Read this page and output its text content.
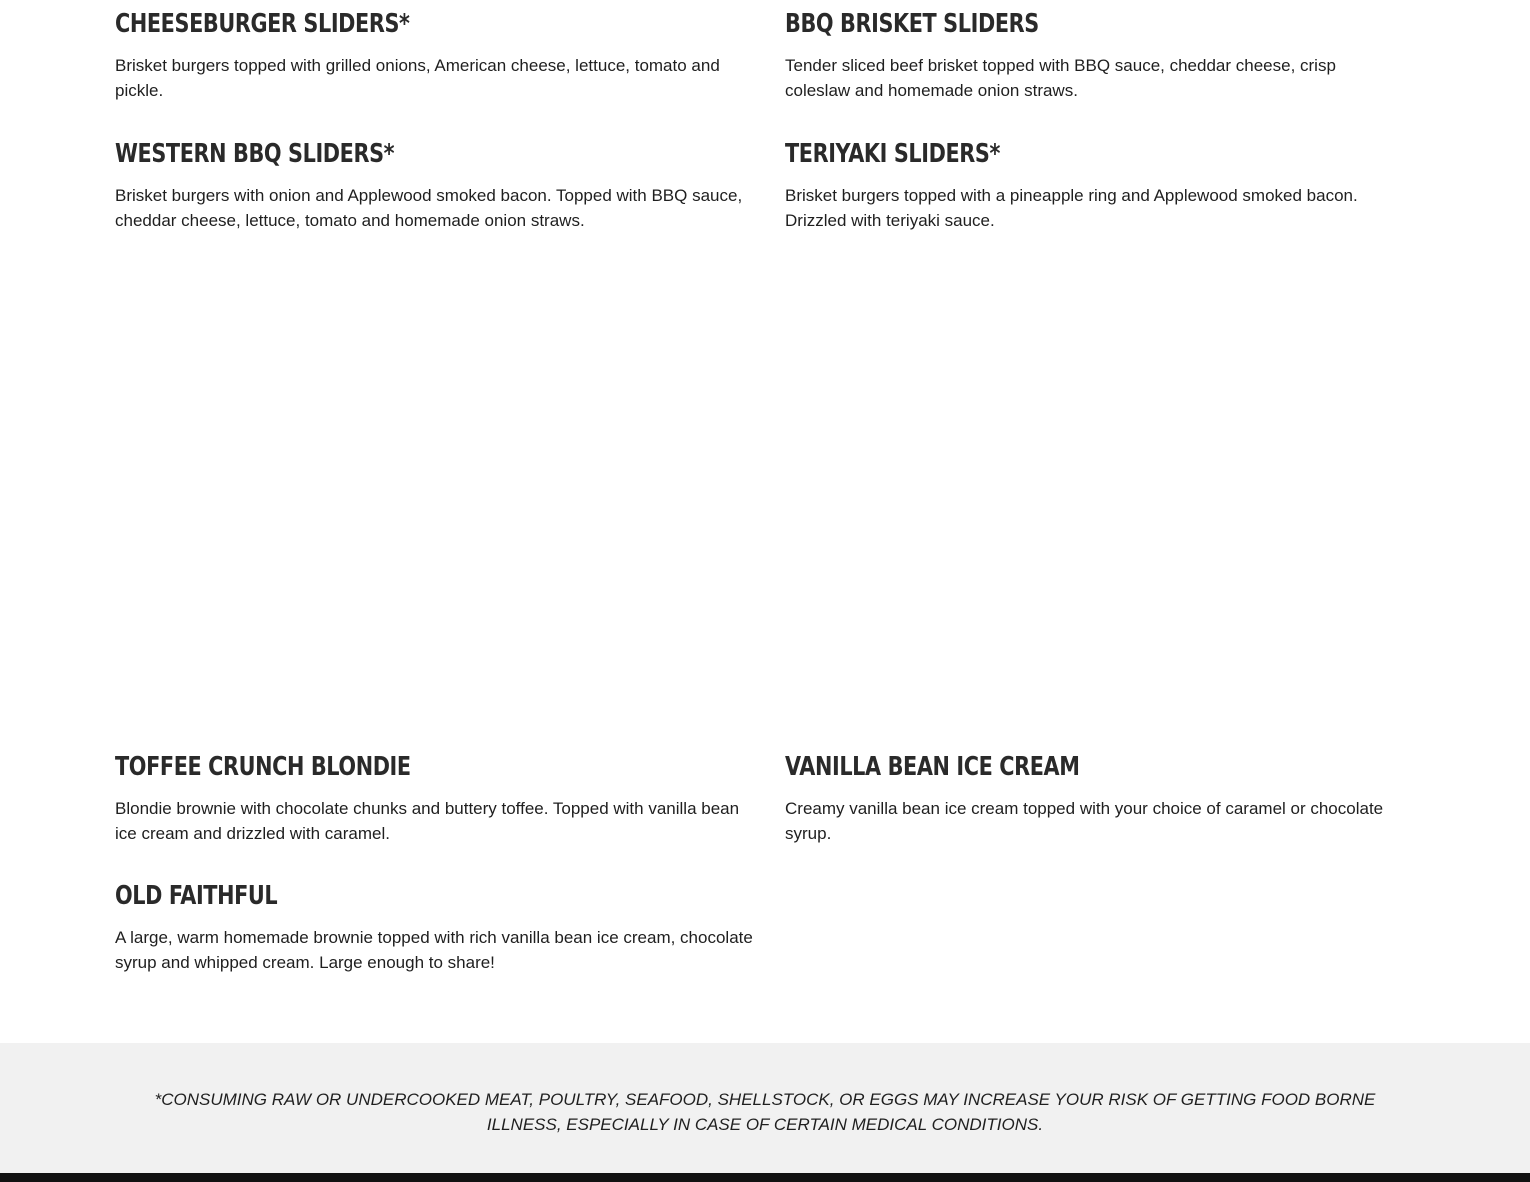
CHEESEBURGER SLIDERS*

Brisket burgers topped with grilled onions, American cheese, lettuce, tomato and pickle.

BBQ BRISKET SLIDERS

Tender sliced beef brisket topped with BBQ sauce, cheddar cheese, crisp coleslaw and homemade onion straws.

WESTERN BBQ SLIDERS*

Brisket burgers with onion and Applewood smoked bacon. Topped with BBQ sauce, cheddar cheese, lettuce, tomato and homemade onion straws.

TERIYAKI SLIDERS*

Brisket burgers topped with a pineapple ring and Applewood smoked bacon. Drizzled with teriyaki sauce.

TOFFEE CRUNCH BLONDIE

Blondie brownie with chocolate chunks and buttery toffee. Topped with vanilla bean ice cream and drizzled with caramel.

VANILLA BEAN ICE CREAM

Creamy vanilla bean ice cream topped with your choice of caramel or chocolate syrup.

OLD FAITHFUL

A large, warm homemade brownie topped with rich vanilla bean ice cream, chocolate syrup and whipped cream. Large enough to share!

*CONSUMING RAW OR UNDERCOOKED MEAT, POULTRY, SEAFOOD, SHELLSTOCK, OR EGGS MAY INCREASE YOUR RISK OF GETTING FOOD BORNE ILLNESS, ESPECIALLY IN CASE OF CERTAIN MEDICAL CONDITIONS.
